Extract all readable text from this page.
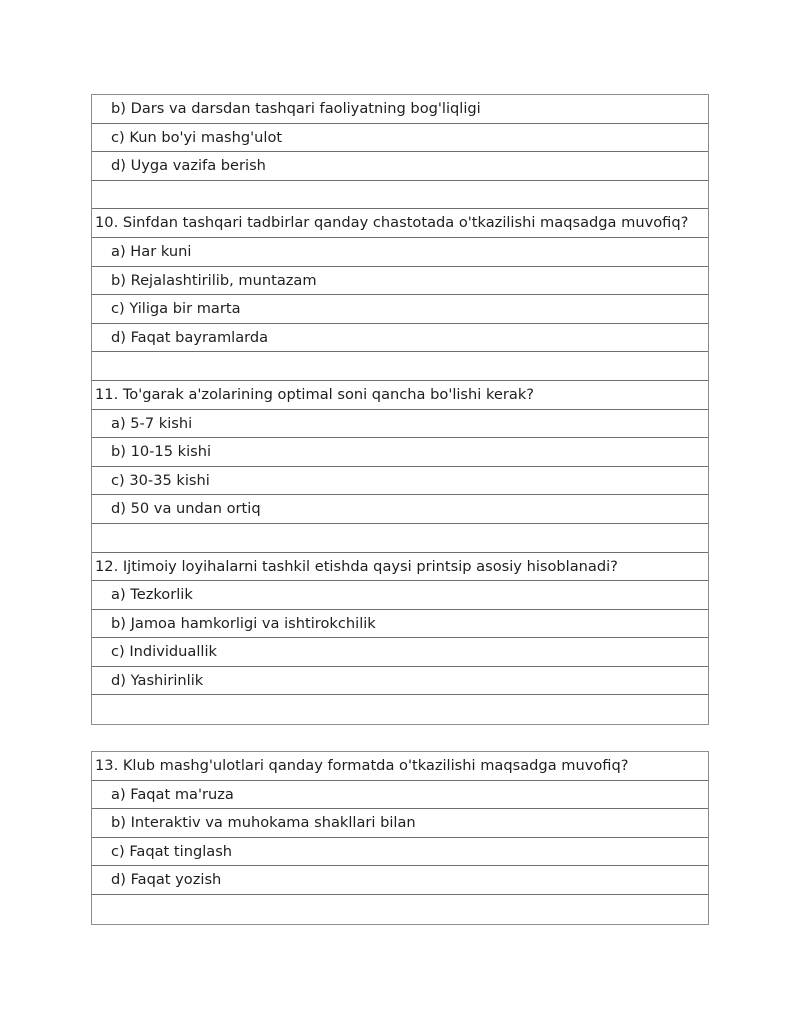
b) Dars va darsdan tashqari faoliyatning bog'liqligi
c) Kun bo'yi mashg'ulot
d) Uyga vazifa berish
10. Sinfdan tashqari tadbirlar qanday chastotada o'tkazilishi maqsadga muvofiq?
a) Har kuni
b) Rejalashtirilib, muntazam
c) Yiliga bir marta
d) Faqat bayramlarda
11. To'garak a'zolarining optimal soni qancha bo'lishi kerak?
a) 5-7 kishi
b) 10-15 kishi
c) 30-35 kishi
d) 50 va undan ortiq
12. Ijtimoiy loyihalarni tashkil etishda qaysi printsip asosiy hisoblanadi?
a) Tezkorlik
b) Jamoa hamkorligi va ishtirokchilik
c) Individuallik
d) Yashirinlik
13. Klub mashg'ulotlari qanday formatda o'tkazilishi maqsadga muvofiq?
a) Faqat ma'ruza
b) Interaktiv va muhokama shakllari bilan
c) Faqat tinglash
d) Faqat yozish
